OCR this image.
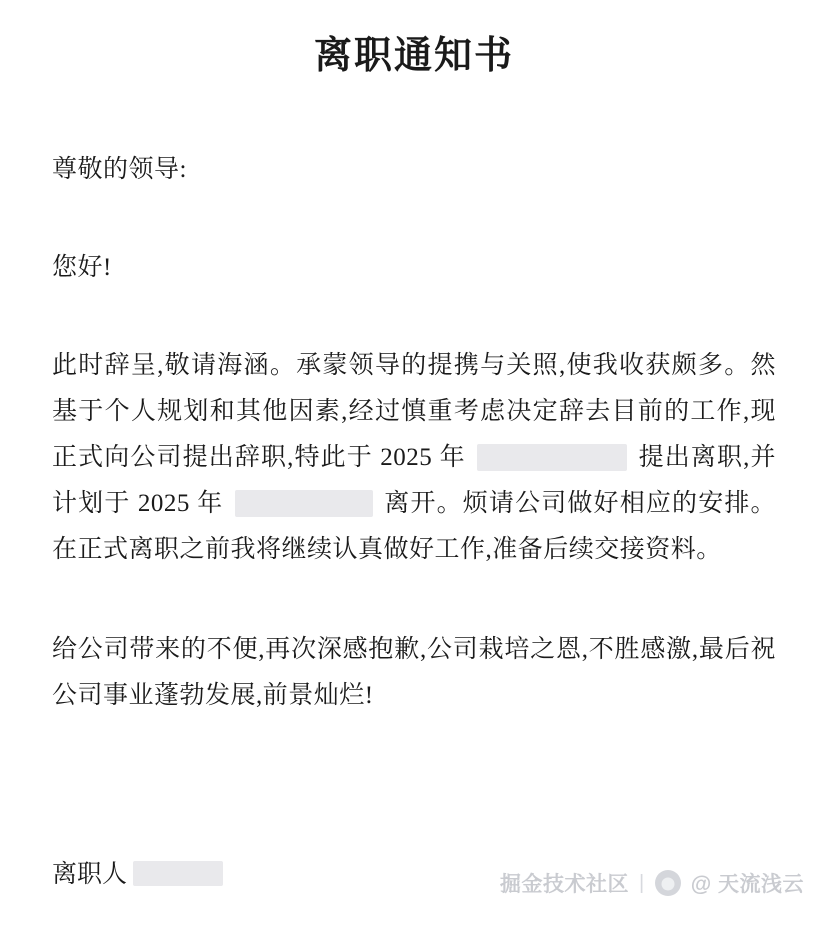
离职通知书
尊敬的领导:
您好!
此时辞呈,敬请海涵。承蒙领导的提携与关照,使我收获颇多。然基于个人规划和其他因素,经过慎重考虑决定辞去目前的工作,现正式向公司提出辞职,特此于 2025 年	提出离职,并计划于 2025 年	离开。烦请公司做好相应的安排。在正式离职之前我将继续认真做好工作,准备后续交接资料。
给公司带来的不便,再次深感抱歉,公司栽培之恩,不胜感激,最后祝公司事业蓬勃发展,前景灿烂!
离职人	掘金技术社区 | @ 天流浅云
